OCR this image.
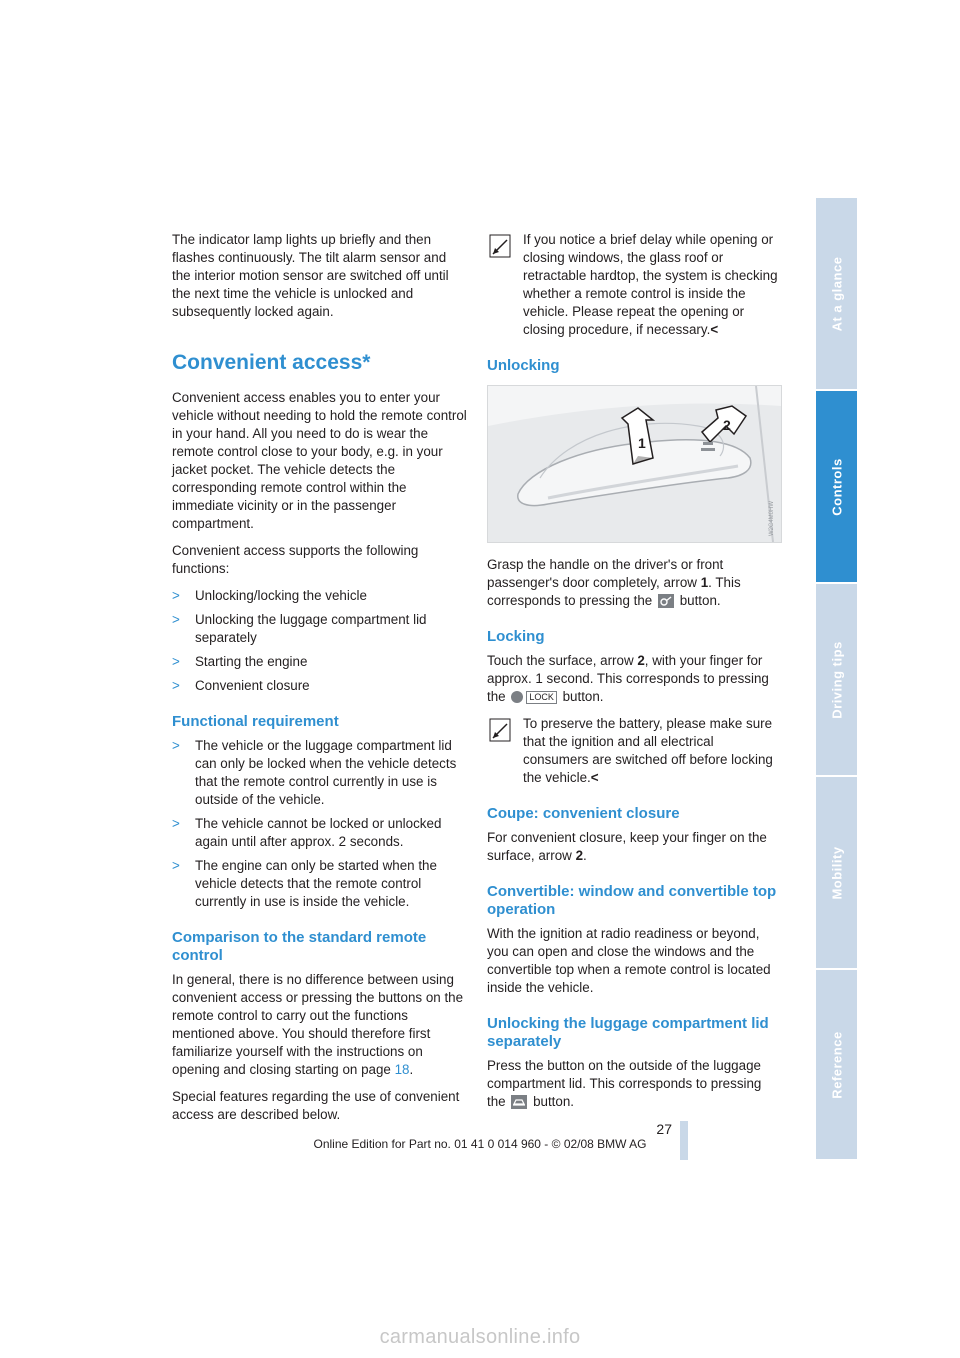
The indicator lamp lights up briefly and then flashes continuously. The tilt alarm sensor and the interior motion sensor are switched off until the next time the vehicle is unlocked and subsequently locked again.

Convenient access*

Convenient access enables you to enter your vehicle without needing to hold the remote control in your hand. All you need to do is wear the remote control close to your body, e.g. in your jacket pocket. The vehicle detects the corresponding remote control within the immediate vicinity or in the passenger compartment.

Convenient access supports the following functions:

>	Unlocking/locking the vehicle
>	Unlocking the luggage compartment lid separately
>	Starting the engine
>	Convenient closure
Functional requirement
>	The vehicle or the luggage compartment lid can only be locked when the vehicle detects that the remote control currently in use is outside of the vehicle.
>	The vehicle cannot be locked or unlocked again until after approx. 2 seconds.
>	The engine can only be started when the vehicle detects that the remote control currently in use is inside the vehicle.
Comparison to the standard remote control

In general, there is no difference between using convenient access or pressing the buttons on the remote control to carry out the functions mentioned above. You should therefore first familiarize yourself with the instructions on opening and closing starting on page 18.

Special features regarding the use of convenient access are described below.

If you notice a brief delay while opening or closing windows, the glass roof or retractable hardtop, the system is checking whether a remote control is inside the vehicle. Please repeat the opening or closing procedure, if necessary.<

Unlocking
1
2
W2C4M0HW

Grasp the handle on the driver's or front passenger's door completely, arrow 1. This corresponds to pressing the  button.

Locking

Touch the surface, arrow 2, with your finger for approx. 1 second. This corresponds to pressing the	LOCK button.

To preserve the battery, please make sure that the ignition and all electrical consumers are switched off before locking the vehicle.<

Coupe: convenient closure

For convenient closure, keep your finger on the surface, arrow 2.

Convertible: window and convertible top operation

With the ignition at radio readiness or beyond, you can open and close the windows and the convertible top when a remote control is located inside the vehicle.

Unlocking the luggage compartment lid separately

Press the button on the outside of the luggage compartment lid. This corresponds to pressing the  button.

At a glance
Controls
Driving tips
Mobility
Reference
27
Online Edition for Part no. 01 41 0 014 960 - © 02/08 BMW AG
carmanualsonline.info
